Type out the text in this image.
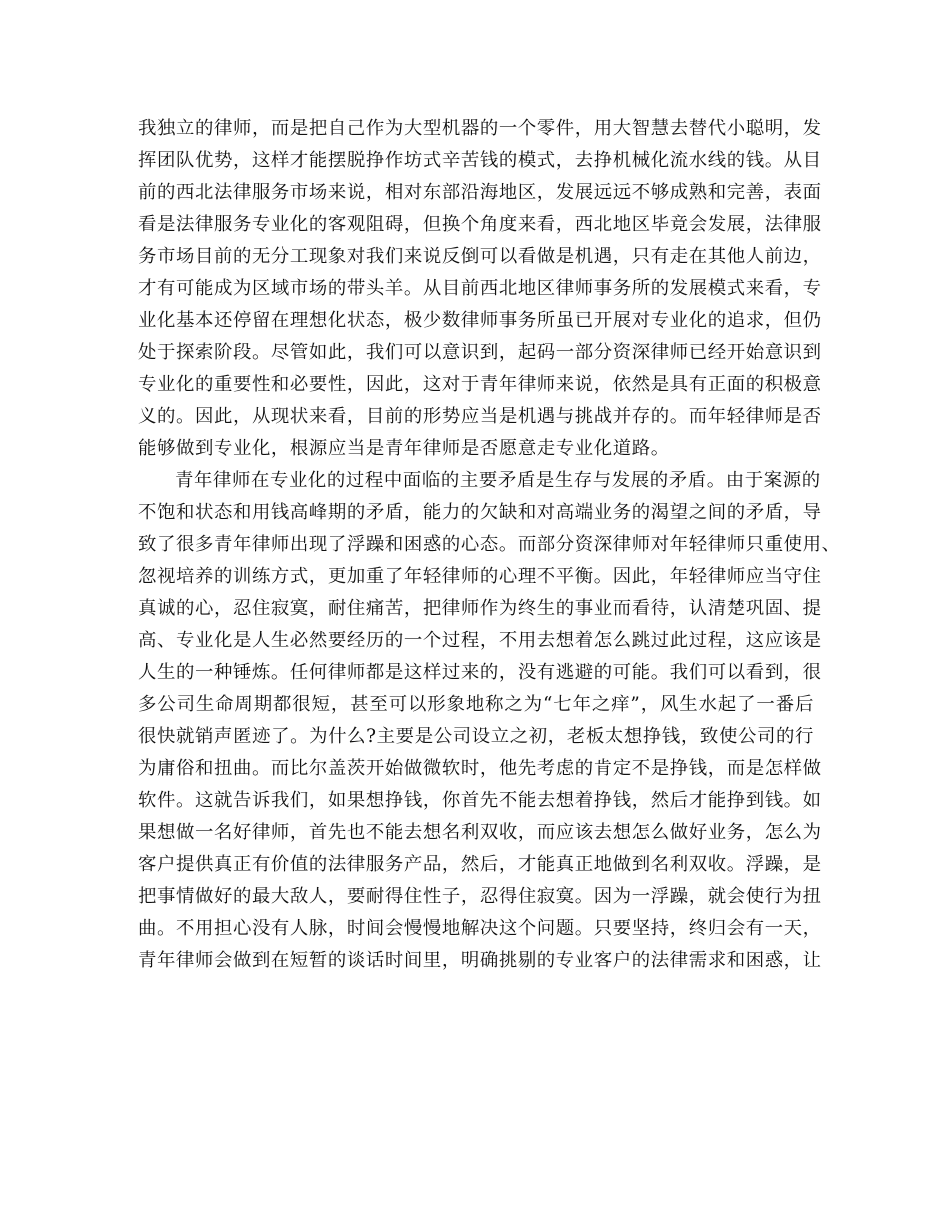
我独立的律师，而是把自己作为大型机器的一个零件，用大智慧去替代小聪明，发
挥团队优势，这样才能摆脱挣作坊式辛苦钱的模式，去挣机械化流水线的钱。从目
前的西北法律服务市场来说，相对东部沿海地区，发展远远不够成熟和完善，表面
看是法律服务专业化的客观阻碍，但换个角度来看，西北地区毕竟会发展，法律服
务市场目前的无分工现象对我们来说反倒可以看做是机遇，只有走在其他人前边，
才有可能成为区域市场的带头羊。从目前西北地区律师事务所的发展模式来看，专
业化基本还停留在理想化状态，极少数律师事务所虽已开展对专业化的追求，但仍
处于探索阶段。尽管如此，我们可以意识到，起码一部分资深律师已经开始意识到
专业化的重要性和必要性，因此，这对于青年律师来说，依然是具有正面的积极意
义的。因此，从现状来看，目前的形势应当是机遇与挑战并存的。而年轻律师是否
能够做到专业化，根源应当是青年律师是否愿意走专业化道路。
青年律师在专业化的过程中面临的主要矛盾是生存与发展的矛盾。由于案源的
不饱和状态和用钱高峰期的矛盾，能力的欠缺和对高端业务的渴望之间的矛盾，导
致了很多青年律师出现了浮躁和困惑的心态。而部分资深律师对年轻律师只重使用、
忽视培养的训练方式，更加重了年轻律师的心理不平衡。因此，年轻律师应当守住
真诚的心，忍住寂寞，耐住痛苦，把律师作为终生的事业而看待，认清楚巩固、提
高、专业化是人生必然要经历的一个过程，不用去想着怎么跳过此过程，这应该是
人生的一种锤炼。任何律师都是这样过来的，没有逃避的可能。我们可以看到，很
多公司生命周期都很短，甚至可以形象地称之为“七年之痒”，风生水起了一番后
很快就销声匿迹了。为什么?主要是公司设立之初，老板太想挣钱，致使公司的行
为庸俗和扭曲。而比尔盖茨开始做微软时，他先考虑的肯定不是挣钱，而是怎样做
软件。这就告诉我们，如果想挣钱，你首先不能去想着挣钱，然后才能挣到钱。如
果想做一名好律师，首先也不能去想名利双收，而应该去想怎么做好业务，怎么为
客户提供真正有价值的法律服务产品，然后，才能真正地做到名利双收。浮躁，是
把事情做好的最大敌人，要耐得住性子，忍得住寂寞。因为一浮躁，就会使行为扭
曲。不用担心没有人脉，时间会慢慢地解决这个问题。只要坚持，终归会有一天，
青年律师会做到在短暂的谈话时间里，明确挑剔的专业客户的法律需求和困惑，让
